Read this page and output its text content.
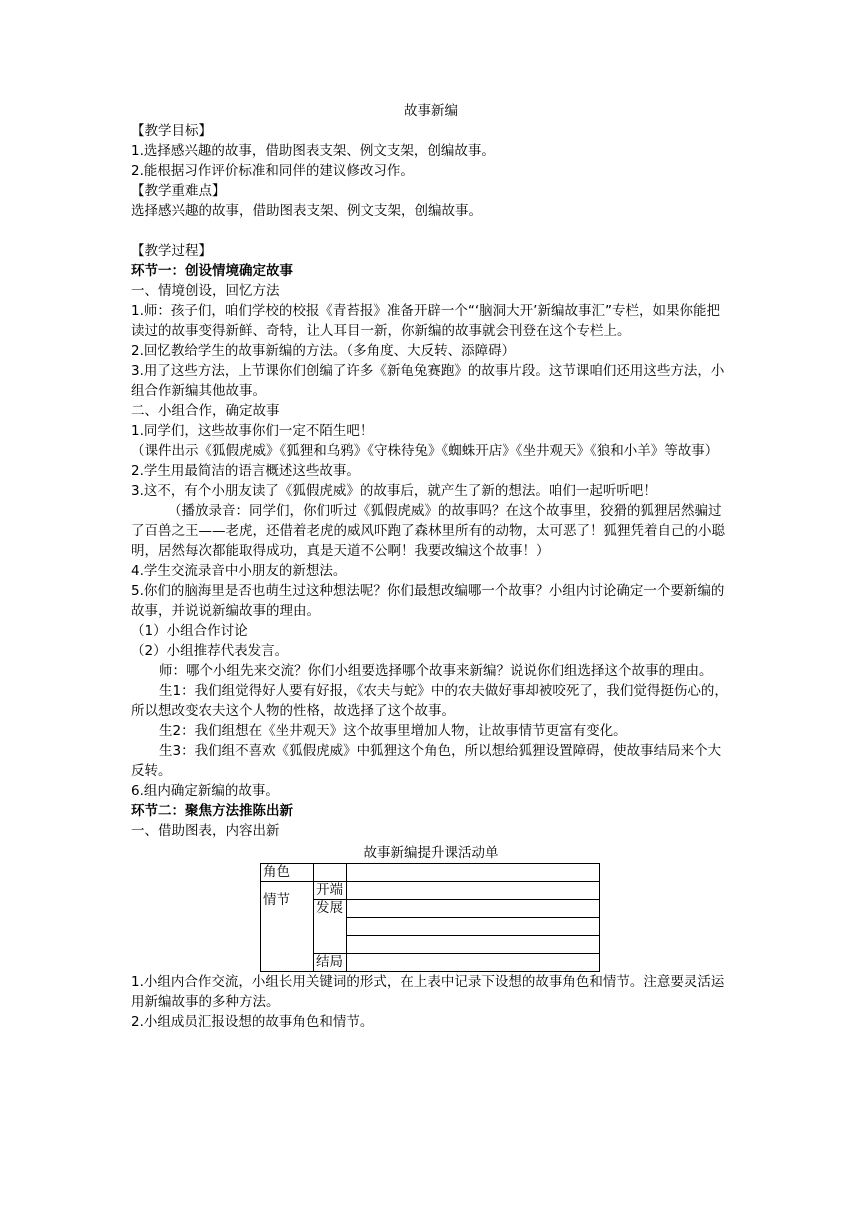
故事新编

【教学目标】

1.选择感兴趣的故事，借助图表支架、例文支架，创编故事。

2.能根据习作评价标准和同伴的建议修改习作。

【教学重难点】

选择感兴趣的故事，借助图表支架、例文支架，创编故事。

【教学过程】

环节一：创设情境确定故事

一、情境创设，回忆方法

1.师：孩子们，咱们学校的校报《青苔报》准备开辟一个“‘脑洞大开’新编故事汇”专栏，如果你能把读过的故事变得新鲜、奇特，让人耳目一新，你新编的故事就会刊登在这个专栏上。

2.回忆教给学生的故事新编的方法。（多角度、大反转、添障碍）

3.用了这些方法，上节课你们创编了许多《新龟兔赛跑》的故事片段。这节课咱们还用这些方法，小组合作新编其他故事。

二、小组合作，确定故事

1.同学们，这些故事你们一定不陌生吧！

（课件出示《狐假虎威》《狐狸和乌鸦》《守株待兔》《蜘蛛开店》《坐井观天》《狼和小羊》等故事）

2.学生用最简洁的语言概述这些故事。

3.这不，有个小朋友读了《狐假虎威》的故事后，就产生了新的想法。咱们一起听听吧！

（播放录音：同学们，你们听过《狐假虎威》的故事吗？在这个故事里，狡猾的狐狸居然骗过了百兽之王——老虎，还借着老虎的威风吓跑了森林里所有的动物，太可恶了！狐狸凭着自己的小聪明，居然每次都能取得成功，真是天道不公啊！我要改编这个故事！）

4.学生交流录音中小朋友的新想法。

5.你们的脑海里是否也萌生过这种想法呢？你们最想改编哪一个故事？小组内讨论确定一个要新编的故事，并说说新编故事的理由。

（1）小组合作讨论

（2）小组推荐代表发言。

师：哪个小组先来交流？你们小组要选择哪个故事来新编？说说你们组选择这个故事的理由。

生1：我们组觉得好人要有好报，《农夫与蛇》中的农夫做好事却被咬死了，我们觉得挺伤心的，所以想改变农夫这个人物的性格，故选择了这个故事。

生2：我们组想在《坐井观天》这个故事里增加人物，让故事情节更富有变化。

生3：我们组不喜欢《狐假虎威》中狐狸这个角色，所以想给狐狸设置障碍，使故事结局来个大反转。

6.组内确定新编的故事。

环节二：聚焦方法推陈出新

一、借助图表，内容出新

故事新编提升课活动单

角色		
情节	开端	
	发展	

	结局	

1.小组内合作交流，小组长用关键词的形式，在上表中记录下设想的故事角色和情节。注意要灵活运用新编故事的多种方法。

2.小组成员汇报设想的故事角色和情节。
